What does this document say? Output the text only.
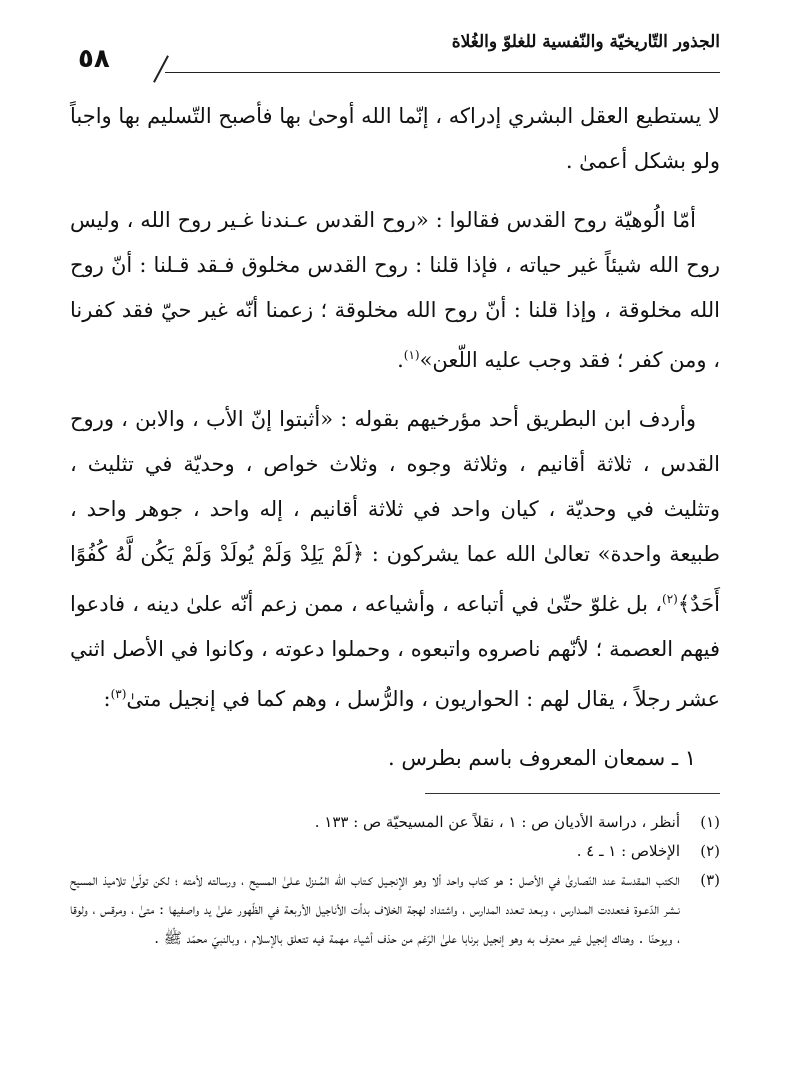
الجذور التّاريخيّة والنّفسية للغلوّ والغُلاة
٥٨

لا يستطيع العقل البشري إدراكه ، إنّما الله أوحىٰ بها فأصبح التّسليم بها واجباً ولو بشكل أعمىٰ .

أمّا الُوهيّة روح القدس فقالوا : «روح القدس عـندنا غـير روح الله ، وليس روح الله شيئاً غير حياته ، فإذا قلنا : روح القدس مخلوق فـقد قـلنا : أنّ روح الله مخلوقة ، وإذا قلنا : أنّ روح الله مخلوقة ؛ زعمنا أنّه غير حيّ فقد كفرنا ، ومن كفر ؛ فقد وجب عليه اللّعن»$^{(١)}$.

وأردف ابن البطريق أحد مؤرخيهم بقوله : «أثبتوا إنّ الأب ، والابن ، وروح القدس ، ثلاثة أقانيم ، وثلاثة وجوه ، وثلاث خواص ، وحديّة في تثليث ، وتثليث في وحديّة ، كيان واحد في ثلاثة أقانيم ، إله واحد ، جوهر واحد ، طبيعة واحدة» تعالىٰ الله عما يشركون : ﴿لَمْ يَلِدْ وَلَمْ يُولَدْ وَلَمْ يَكُن لَّهُ كُفُوًا أَحَدٌ﴾$^{(٢)}$، بل غلوّ حتّىٰ في أتباعه ، وأشياعه ، ممن زعم أنّه علىٰ دينه ، فادعوا فيهم العصمة ؛ لأنّهم ناصروه واتبعوه ، وحملوا دعوته ، وكانوا في الأصل اثني عشر رجلاً ، يقال لهم : الحواريون ، والرُّسل ، وهم كما في إنجيل متىٰ$^{(٣)}$:

١ ـ سمعان المعروف باسم بطرس .

(١)
أنظر ، دراسة الأديان ص : ١ ، نقلاً عن المسيحيّة ص : ١٣٣ .
(٢)
الإخلاص : ١ ـ ٤ .
(٣)
الكتب المقدسة عند النّصارىٰ في الأصل : هو كتاب واحد ألا وهو الإنجـيل كـتاب الله المُـنزل عـلىٰ المسيح ، ورسالته لأمته ؛ لكن تولّىٰ تلاميذ المسيح نـشر الدّعـوة فـتعددت المـدارس ، وبـعد تـعدد المدارس ، واشتداد لهجة الخلاف بدأت الأناجيل الأربعة في الظّهور علىٰ يد واصفيها : متىٰ ، ومرقس ، ولوقا ، ويوحنّا . وهناك إنجيل غير معترف به وهو إنجيل برنابا علىٰ الرّغم من حذف أشياء مهمة فيه تتعلق بالإسلام ، وبالنبيّ محمّد ﷺ .
